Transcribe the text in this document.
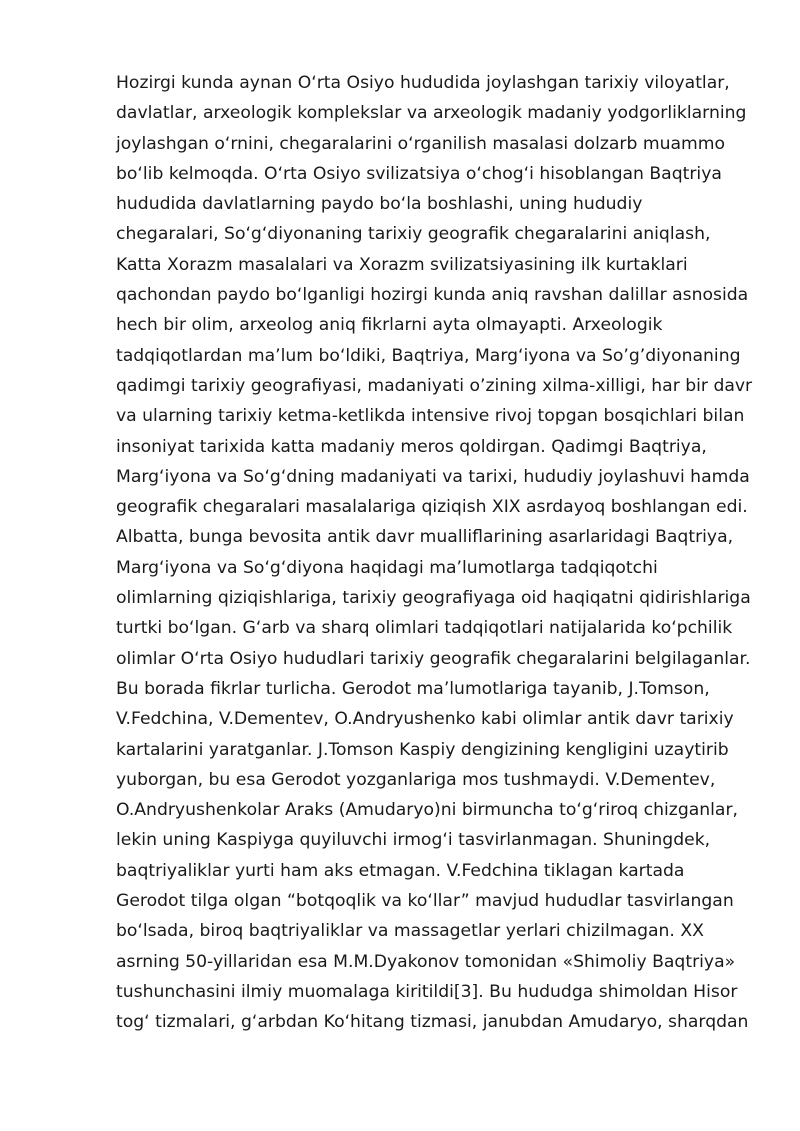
Hozirgi kunda aynan O‘rta Osiyo hududida joylashgan tarixiy viloyatlar,
davlatlar, arxeologik komplekslar va arxeologik madaniy yodgorliklarning
joylashgan o‘rnini, chegaralarini o‘rganilish masalasi dolzarb muammo
bo‘lib kelmoqda. O‘rta Osiyo svilizatsiya o‘chog‘i hisoblangan Baqtriya
hududida davlatlarning paydo bo‘la boshlashi, uning hududiy
chegaralari, So‘g‘diyonaning tarixiy geografik chegaralarini aniqlash,
Katta Xorazm masalalari va Xorazm svilizatsiyasining ilk kurtaklari
qachondan paydo bo‘lganligi hozirgi kunda aniq ravshan dalillar asnosida
hech bir olim, arxeolog aniq fikrlarni ayta olmayapti. Arxeologik
tadqiqotlardan ma’lum bo‘ldiki, Baqtriya, Marg‘iyona va So’g’diyonaning
qadimgi tarixiy geografiyasi, madaniyati o’zining xilma-xilligi, har bir davr
va ularning tarixiy ketma-ketlikda intensive rivoj topgan bosqichlari bilan
insoniyat tarixida katta madaniy meros qoldirgan. Qadimgi Baqtriya,
Marg‘iyona va So‘g‘dning madaniyati va tarixi, hududiy joylashuvi hamda
geografik chegaralari masalalariga qiziqish XIX asrdayoq boshlangan edi.
Albatta, bunga bevosita antik davr mualliflarining asarlaridagi Baqtriya,
Marg‘iyona va So‘g‘diyona haqidagi ma’lumotlarga tadqiqotchi
olimlarning qiziqishlariga, tarixiy geografiyaga oid haqiqatni qidirishlariga
turtki bo‘lgan. G‘arb va sharq olimlari tadqiqotlari natijalarida ko‘pchilik
olimlar O‘rta Osiyo hududlari tarixiy geografik chegaralarini belgilaganlar.
Bu borada fikrlar turlicha. Gerodot ma’lumotlariga tayanib, J.Tomson,
V.Fedchina, V.Dementev, O.Andryushenko kabi olimlar antik davr tarixiy
kartalarini yaratganlar. J.Tomson Kaspiy dengizining kengligini uzaytirib
yuborgan, bu esa Gerodot yozganlariga mos tushmaydi. V.Dementev,
O.Andryushenkolar Araks (Amudaryo)ni birmuncha to‘g‘riroq chizganlar,
lekin uning Kaspiyga quyiluvchi irmog‘i tasvirlanmagan. Shuningdek,
baqtriyaliklar yurti ham aks etmagan. V.Fedchina tiklagan kartada
Gerodot tilga olgan “botqoqlik va ko‘llar” mavjud hududlar tasvirlangan
bo‘lsada, biroq baqtriyaliklar va massagetlar yerlari chizilmagan. XX
asrning 50-yillaridan esa M.M.Dyakonov tomonidan «Shimoliy Baqtriya»
tushunchasini ilmiy muomalaga kiritildi[3]. Bu hududga shimoldan Hisor
tog‘ tizmalari, g‘arbdan Ko‘hitang tizmasi, janubdan Amudaryo, sharqdan
